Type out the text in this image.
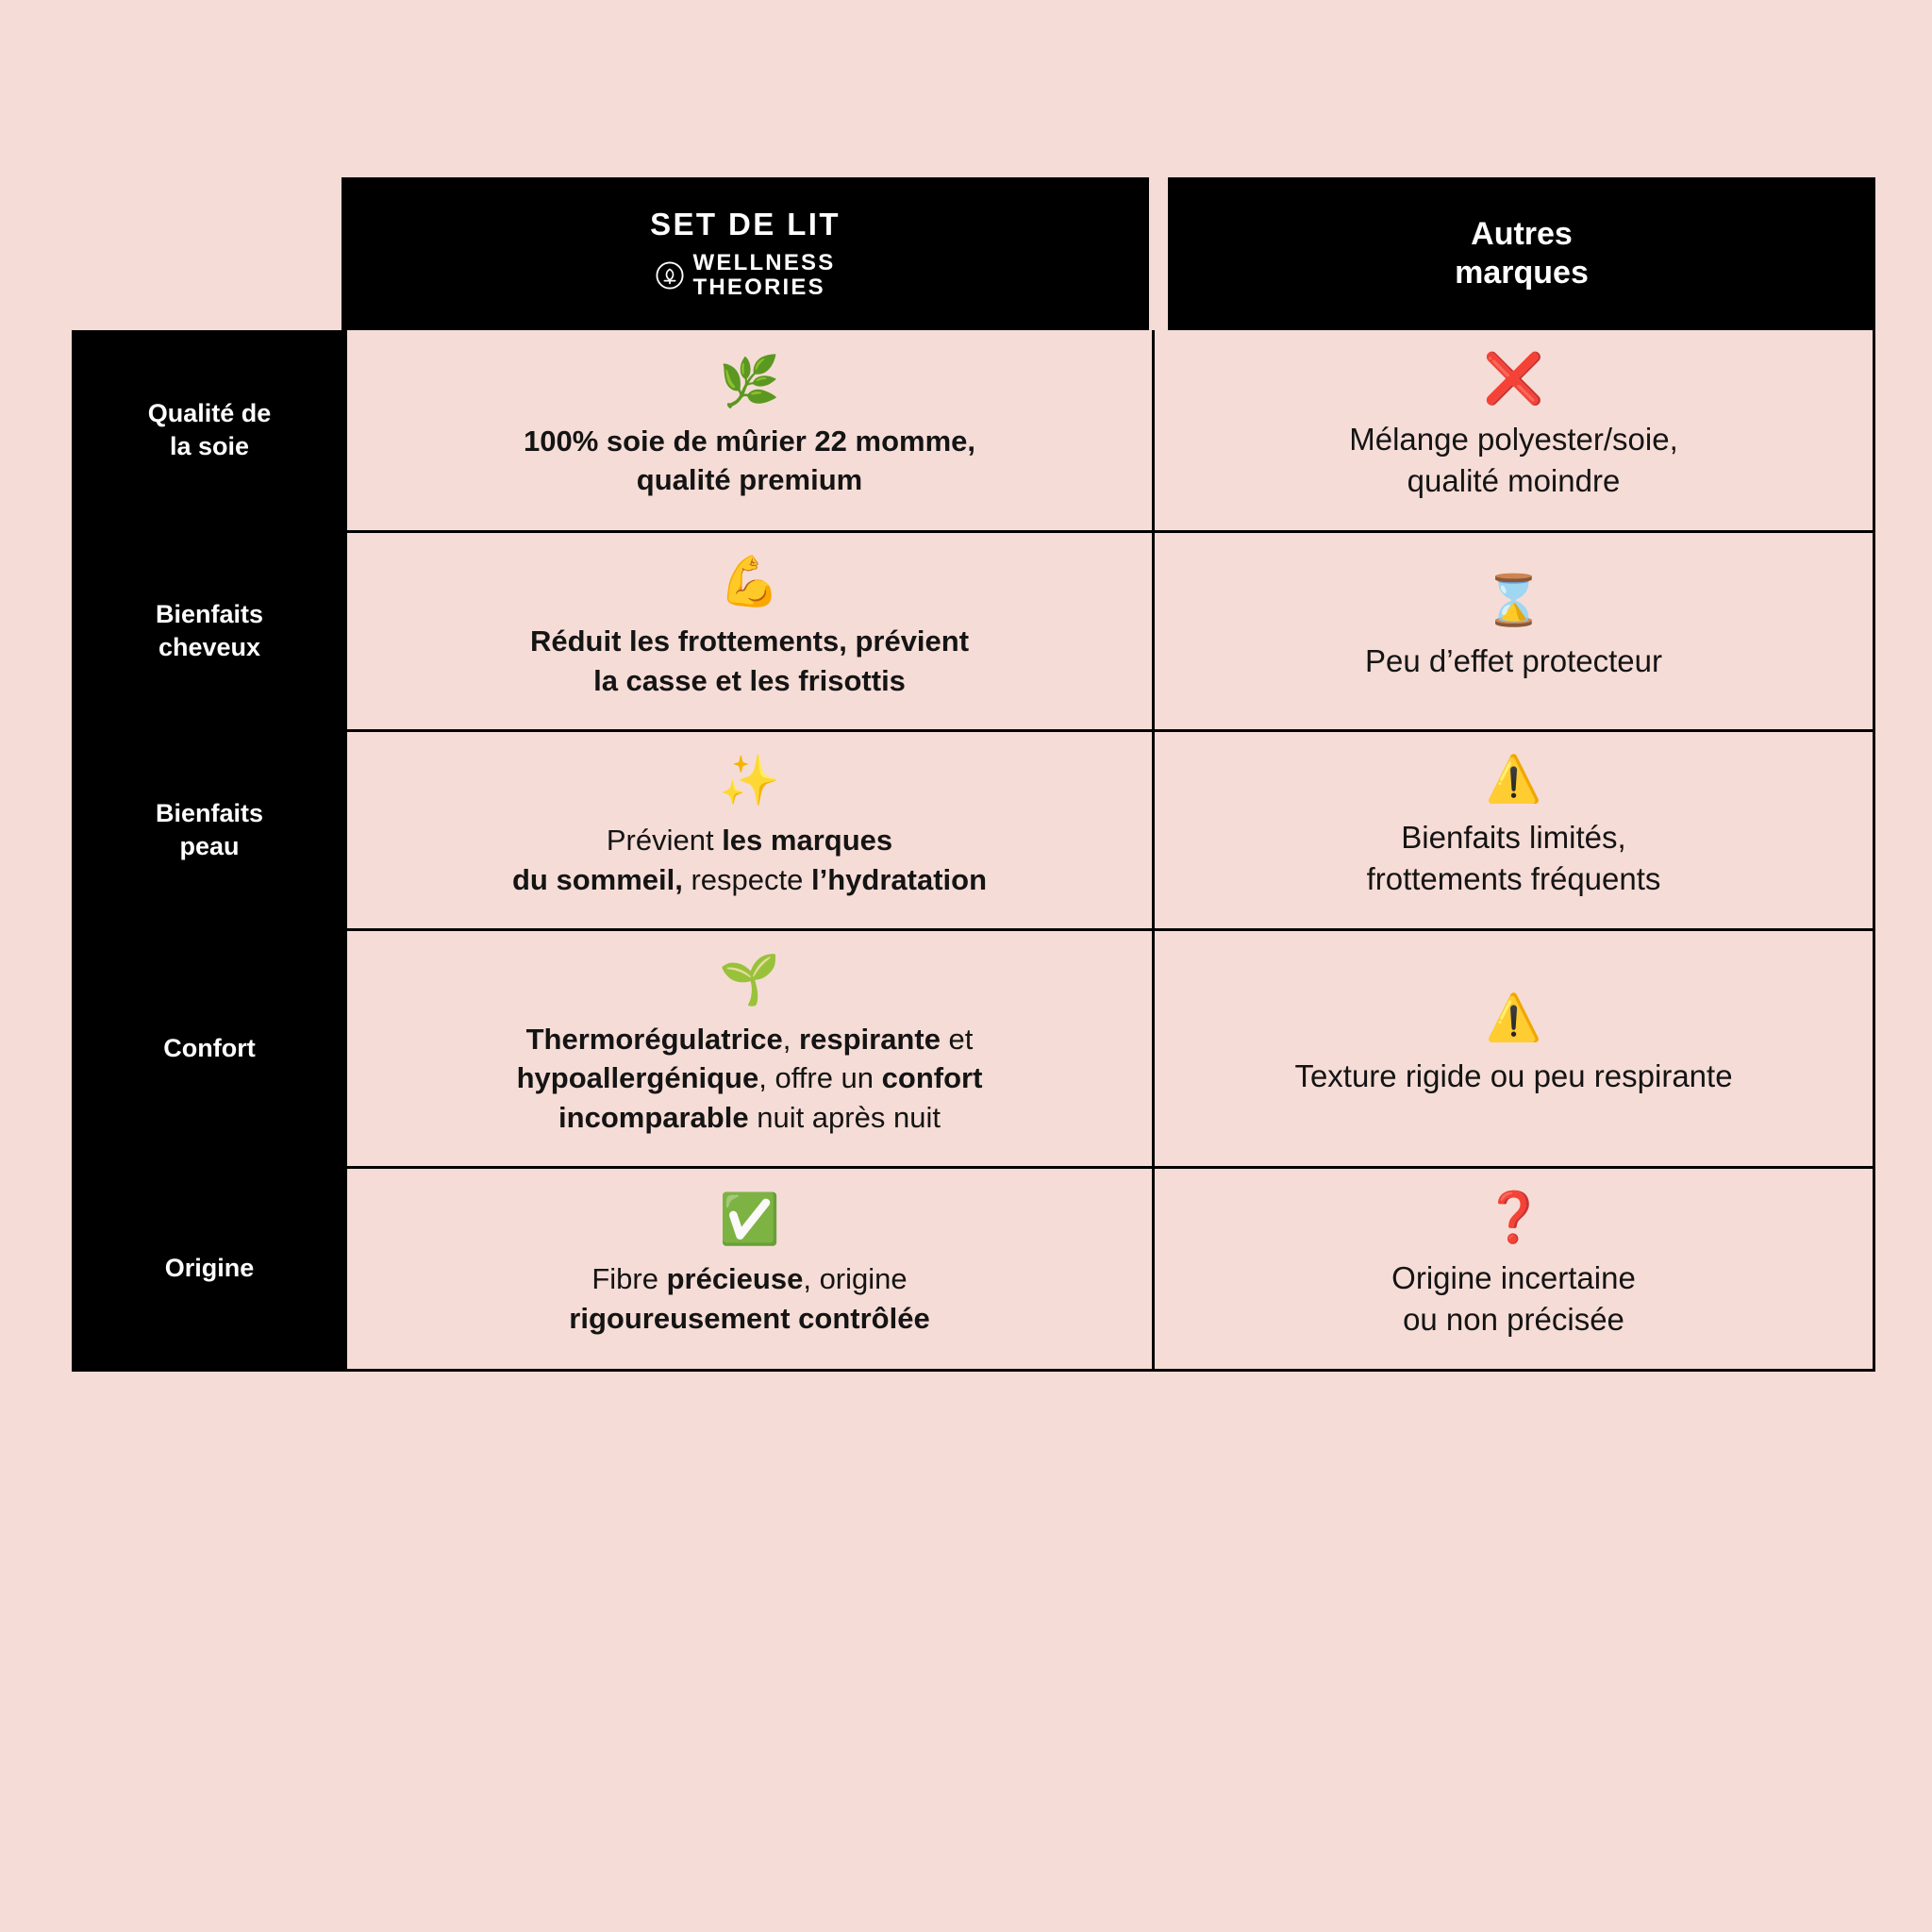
SET DE LIT
WELLNESS
THEORIES
Autres
marques
Qualité de
la soie
🌿
100% soie de mûrier 22 momme,
qualité premium
❌
Mélange polyester/soie,
qualité moindre
Bienfaits
cheveux
💪
Réduit les frottements, prévient
la casse et les frisottis
⌛
Peu d’effet protecteur
Bienfaits
peau
✨
Prévient les marques
du sommeil, respecte l’hydratation
⚠️
Bienfaits limités,
frottements fréquents
Confort
🌱
Thermorégulatrice, respirante et
hypoallergénique, offre un confort
incomparable nuit après nuit
⚠️
Texture rigide ou peu respirante
Origine
✅
Fibre précieuse, origine
rigoureusement contrôlée
❓
Origine incertaine
ou non précisée
